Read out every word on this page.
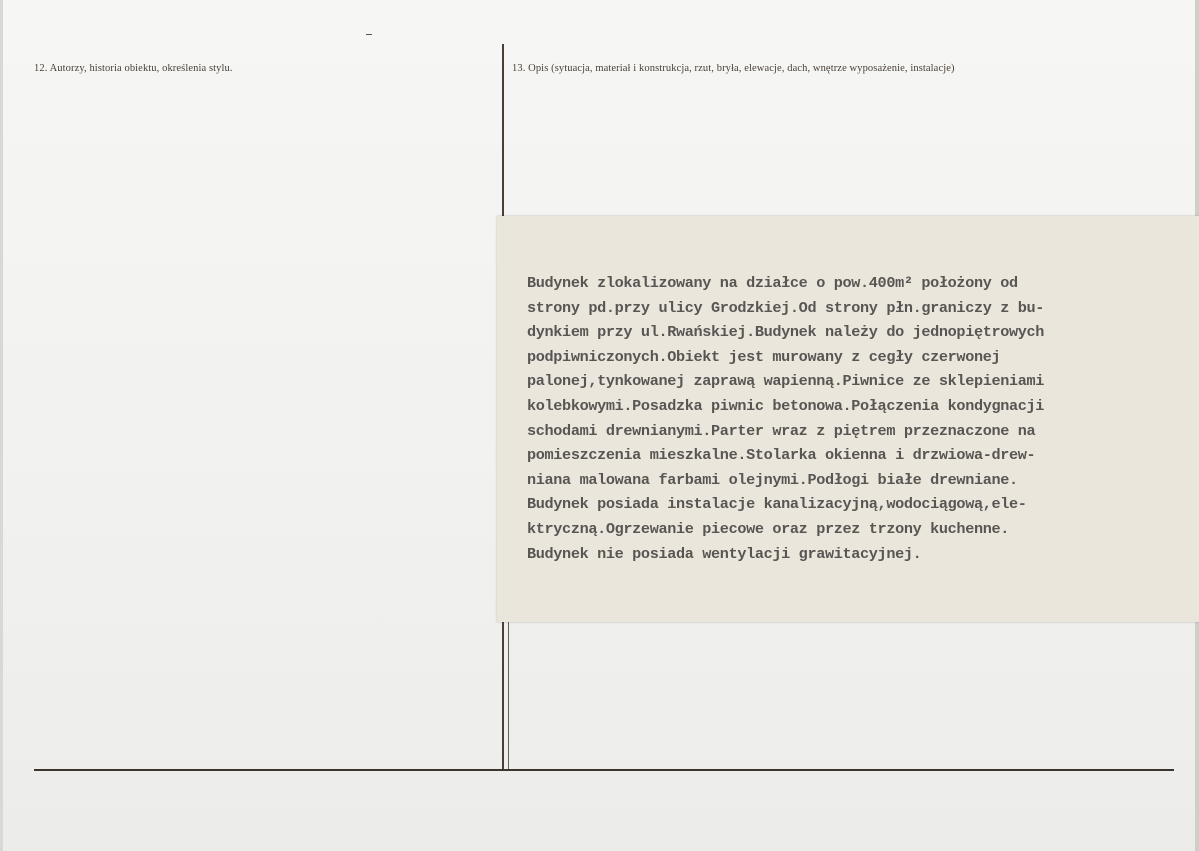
12. Autorzy, historia obiektu, określenia stylu.	13. Opis (sytuacja, materiał i konstrukcja, rzut, bryła, elewacje, dach, wnętrze wyposażenie, instalacje)
Budynek zlokalizowany na działce o pow.400m² położony od
strony pd.przy ulicy Grodzkiej.Od strony płn.graniczy z bu-
dynkiem przy ul.Rwańskiej.Budynek należy do jednopiętrowych
podpiwniczonych.Obiekt jest murowany z cegły czerwonej
palonej,tynkowanej zaprawą wapienną.Piwnice ze sklepieniami
kolebkowymi.Posadzka piwnic betonowa.Połączenia kondygnacji
schodami drewnianymi.Parter wraz z piętrem przeznaczone na
pomieszczenia mieszkalne.Stolarka okienna i drzwiowa-drew-
niana malowana farbami olejnymi.Podłogi białe drewniane.
Budynek posiada instalacje kanalizacyjną,wodociągową,ele-
ktryczną.Ogrzewanie piecowe oraz przez trzony kuchenne.
Budynek nie posiada wentylacji grawitacyjnej.
